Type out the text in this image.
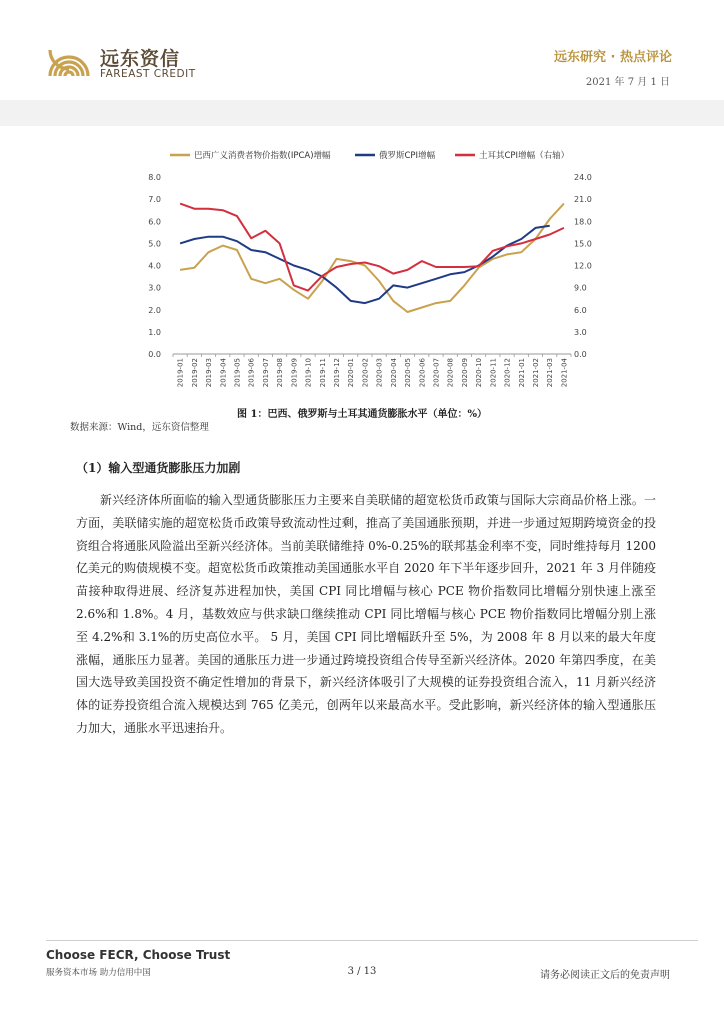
远东资信
FAREAST CREDIT
远东研究 · 热点评论
2021 年 7 月 1 日
巴西广义消费者物价指数(IPCA)增幅	俄罗斯CPI增幅	土耳其CPI增幅（右轴）
0.0
1.0
2.0
3.0
4.0
5.0
6.0
7.0
8.0
0.0
3.0
6.0
9.0
12.0
15.0
18.0
21.0
24.0
2019-01 2019-02 2019-03 2019-04 2019-05 2019-06 2019-07 2019-08 2019-09 2019-10 2019-11 2019-12 2020-01 2020-02 2020-03 2020-04 2020-05 2020-06 2020-07 2020-08 2020-09 2020-10 2020-11 2020-12 2021-01 2021-02 2021-03 2021-04
图 1：巴西、俄罗斯与土耳其通货膨胀水平（单位：%）
数据来源：Wind，远东资信整理
（1）输入型通货膨胀压力加剧

新兴经济体所面临的输入型通货膨胀压力主要来自美联储的超宽松货币政策与国际大宗商品价格上涨。一方面，美联储实施的超宽松货币政策导致流动性过剩，推高了美国通胀预期，并进一步通过短期跨境资金的投资组合将通胀风险溢出至新兴经济体。当前美联储维持 0%-0.25%的联邦基金利率不变，同时维持每月 1200 亿美元的购债规模不变。超宽松货币政策推动美国通胀水平自 2020 年下半年逐步回升，2021 年 3 月伴随疫苗接种取得进展、经济复苏进程加快，美国 CPI 同比增幅与核心 PCE 物价指数同比增幅分别快速上涨至 2.6%和 1.8%。4 月，基数效应与供求缺口继续推动 CPI 同比增幅与核心 PCE 物价指数同比增幅分别上涨至 4.2%和 3.1%的历史高位水平。 5 月，美国 CPI 同比增幅跃升至 5%，为 2008 年 8 月以来的最大年度涨幅，通胀压力显著。美国的通胀压力进一步通过跨境投资组合传导至新兴经济体。2020 年第四季度，在美国大选导致美国投资不确定性增加的背景下，新兴经济体吸引了大规模的证券投资组合流入，11 月新兴经济体的证券投资组合流入规模达到 765 亿美元，创两年以来最高水平。受此影响，新兴经济体的输入型通胀压力加大，通胀水平迅速抬升。

Choose FECR, Choose Trust
服务资本市场 助力信用中国	3 / 13	请务必阅读正文后的免责声明
